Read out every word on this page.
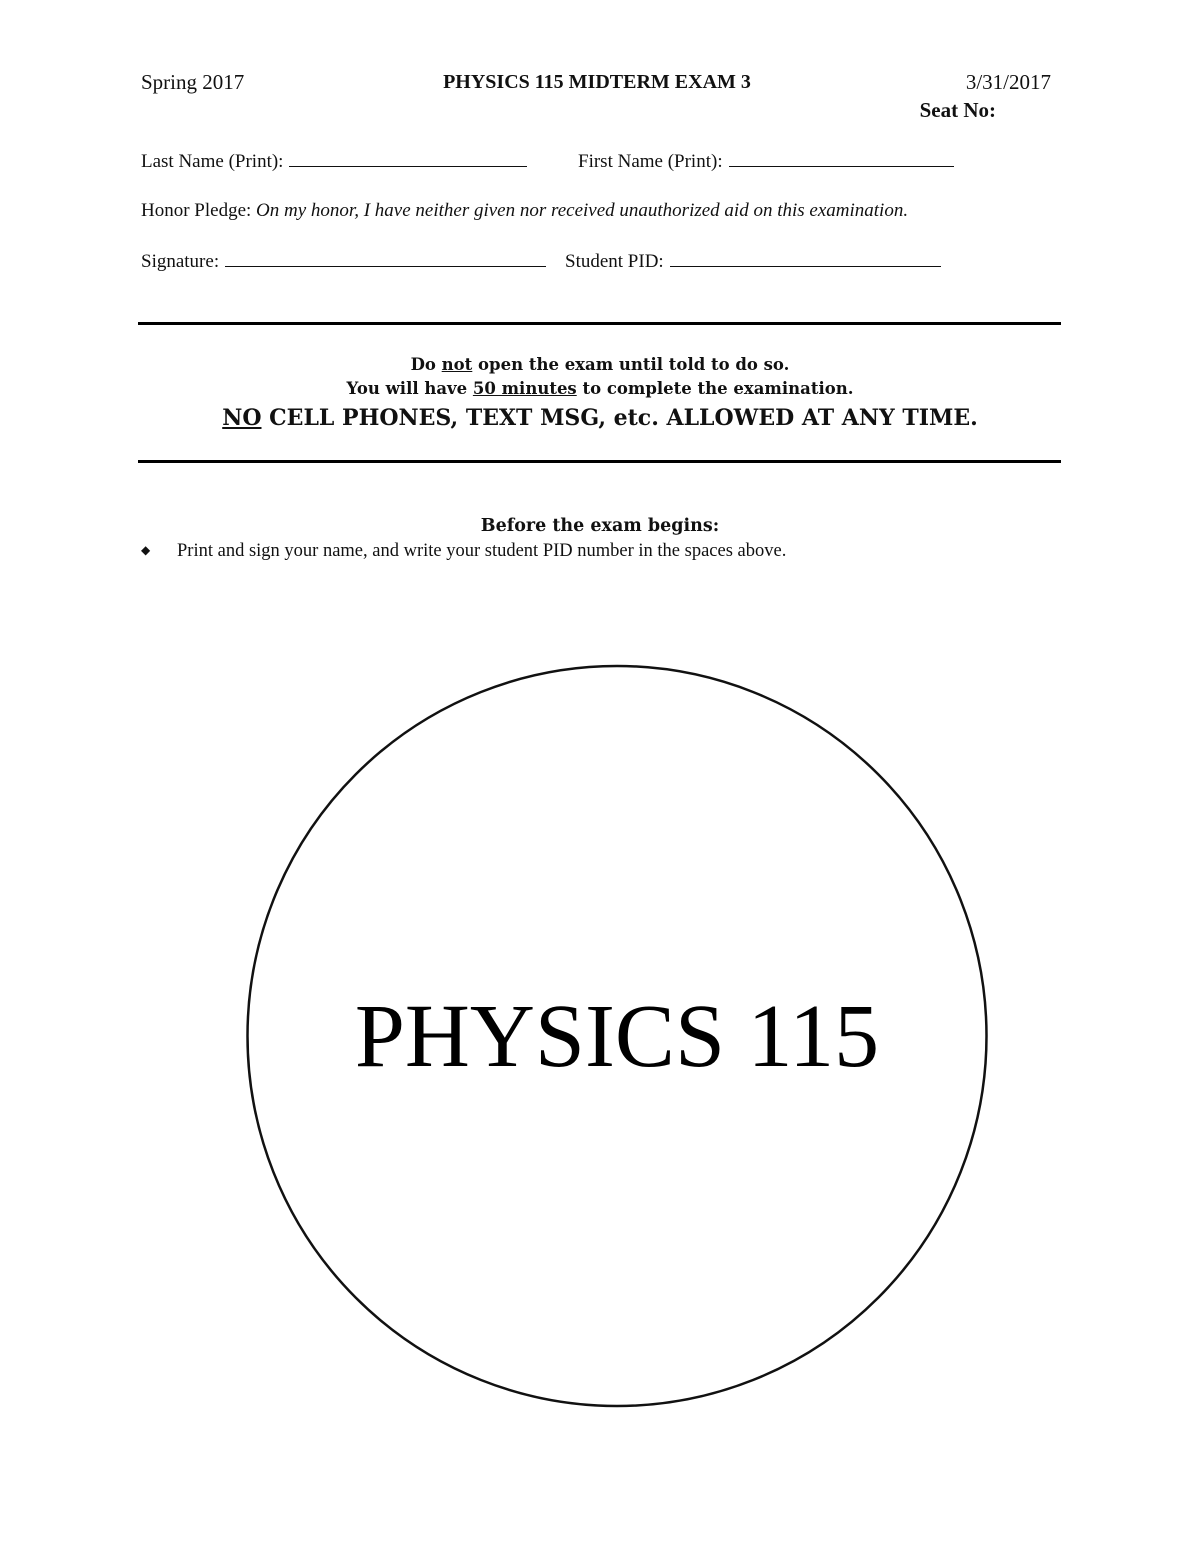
Spring 2017	PHYSICS 115 MIDTERM EXAM 3	3/31/2017
Seat No:
Last Name (Print):	First Name (Print):
Honor Pledge: On my honor, I have neither given nor received unauthorized aid on this examination.
Signature:	Student PID:
Do not open the exam until told to do so.
You will have 50 minutes to complete the examination.
NO CELL PHONES, TEXT MSG, etc. ALLOWED AT ANY TIME.
Before the exam begins:
◆ Print and sign your name, and write your student PID number in the spaces above.
PHYSICS 115
